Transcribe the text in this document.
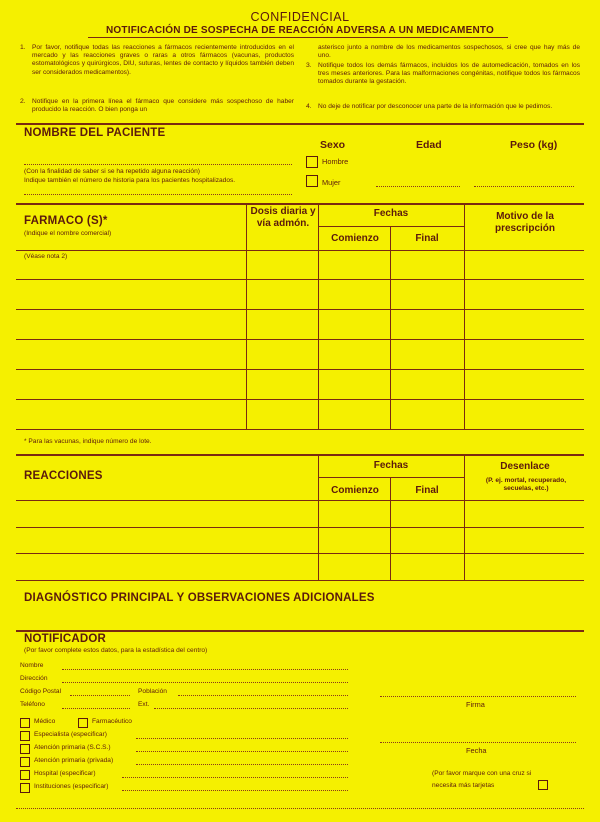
CONFIDENCIAL
NOTIFICACIÓN DE SOSPECHA DE REACCIÓN ADVERSA A UN MEDICAMENTO
1. Por favor, notifique todas las reacciones a fármacos recientemente introducidos en el mercado y las reacciones graves o raras a otros fármacos (vacunas, productos estomatológicos y quirúrgicos, DIU, suturas, lentes de contacto y líquidos también deben ser considerados medicamentos).
2. Notifique en la primera línea el fármaco que considere más sospechoso de haber producido la reacción. O bien ponga un
asterisco junto a nombre de los medicamentos sospechosos, si cree que hay más de uno.
3. Notifique todos los demás fármacos, incluidos los de automedicación, tomados en los tres meses anteriores. Para las malformaciones congénitas, notifique todos los fármacos tomados durante la gestación.
4. No deje de notificar por desconocer una parte de la información que le pedimos.
NOMBRE DEL PACIENTE
Sexo	Edad	Peso (kg)
Hombre
Mujer
(Con la finalidad de saber si se ha repetido alguna reacción)
Indique también el número de historia para los pacientes hospitalizados.
FARMACO (S)*
(Indique el nombre comercial)
(Véase nota 2)
Dosis diaria y vía admón.
Fechas
Comienzo	Final
Motivo de la prescripción
* Para las vacunas, indique número de lote.
REACCIONES
Fechas
Comienzo	Final
Desenlace
(P. ej. mortal, recuperado, secuelas, etc.)
DIAGNÓSTICO PRINCIPAL Y OBSERVACIONES ADICIONALES
NOTIFICADOR
(Por favor complete estos datos, para la estadística del centro)
Nombre
Dirección
Código Postal	Población
Teléfono	Ext.	Firma
Fecha
Médico	Farmacéutico
Especialista (especificar)
Atención primaria (S.C.S.)
Atención primaria (privada)
Hospital (especificar)
Instituciones (especificar)
(Por favor marque con una cruz si
necesita más tarjetas
